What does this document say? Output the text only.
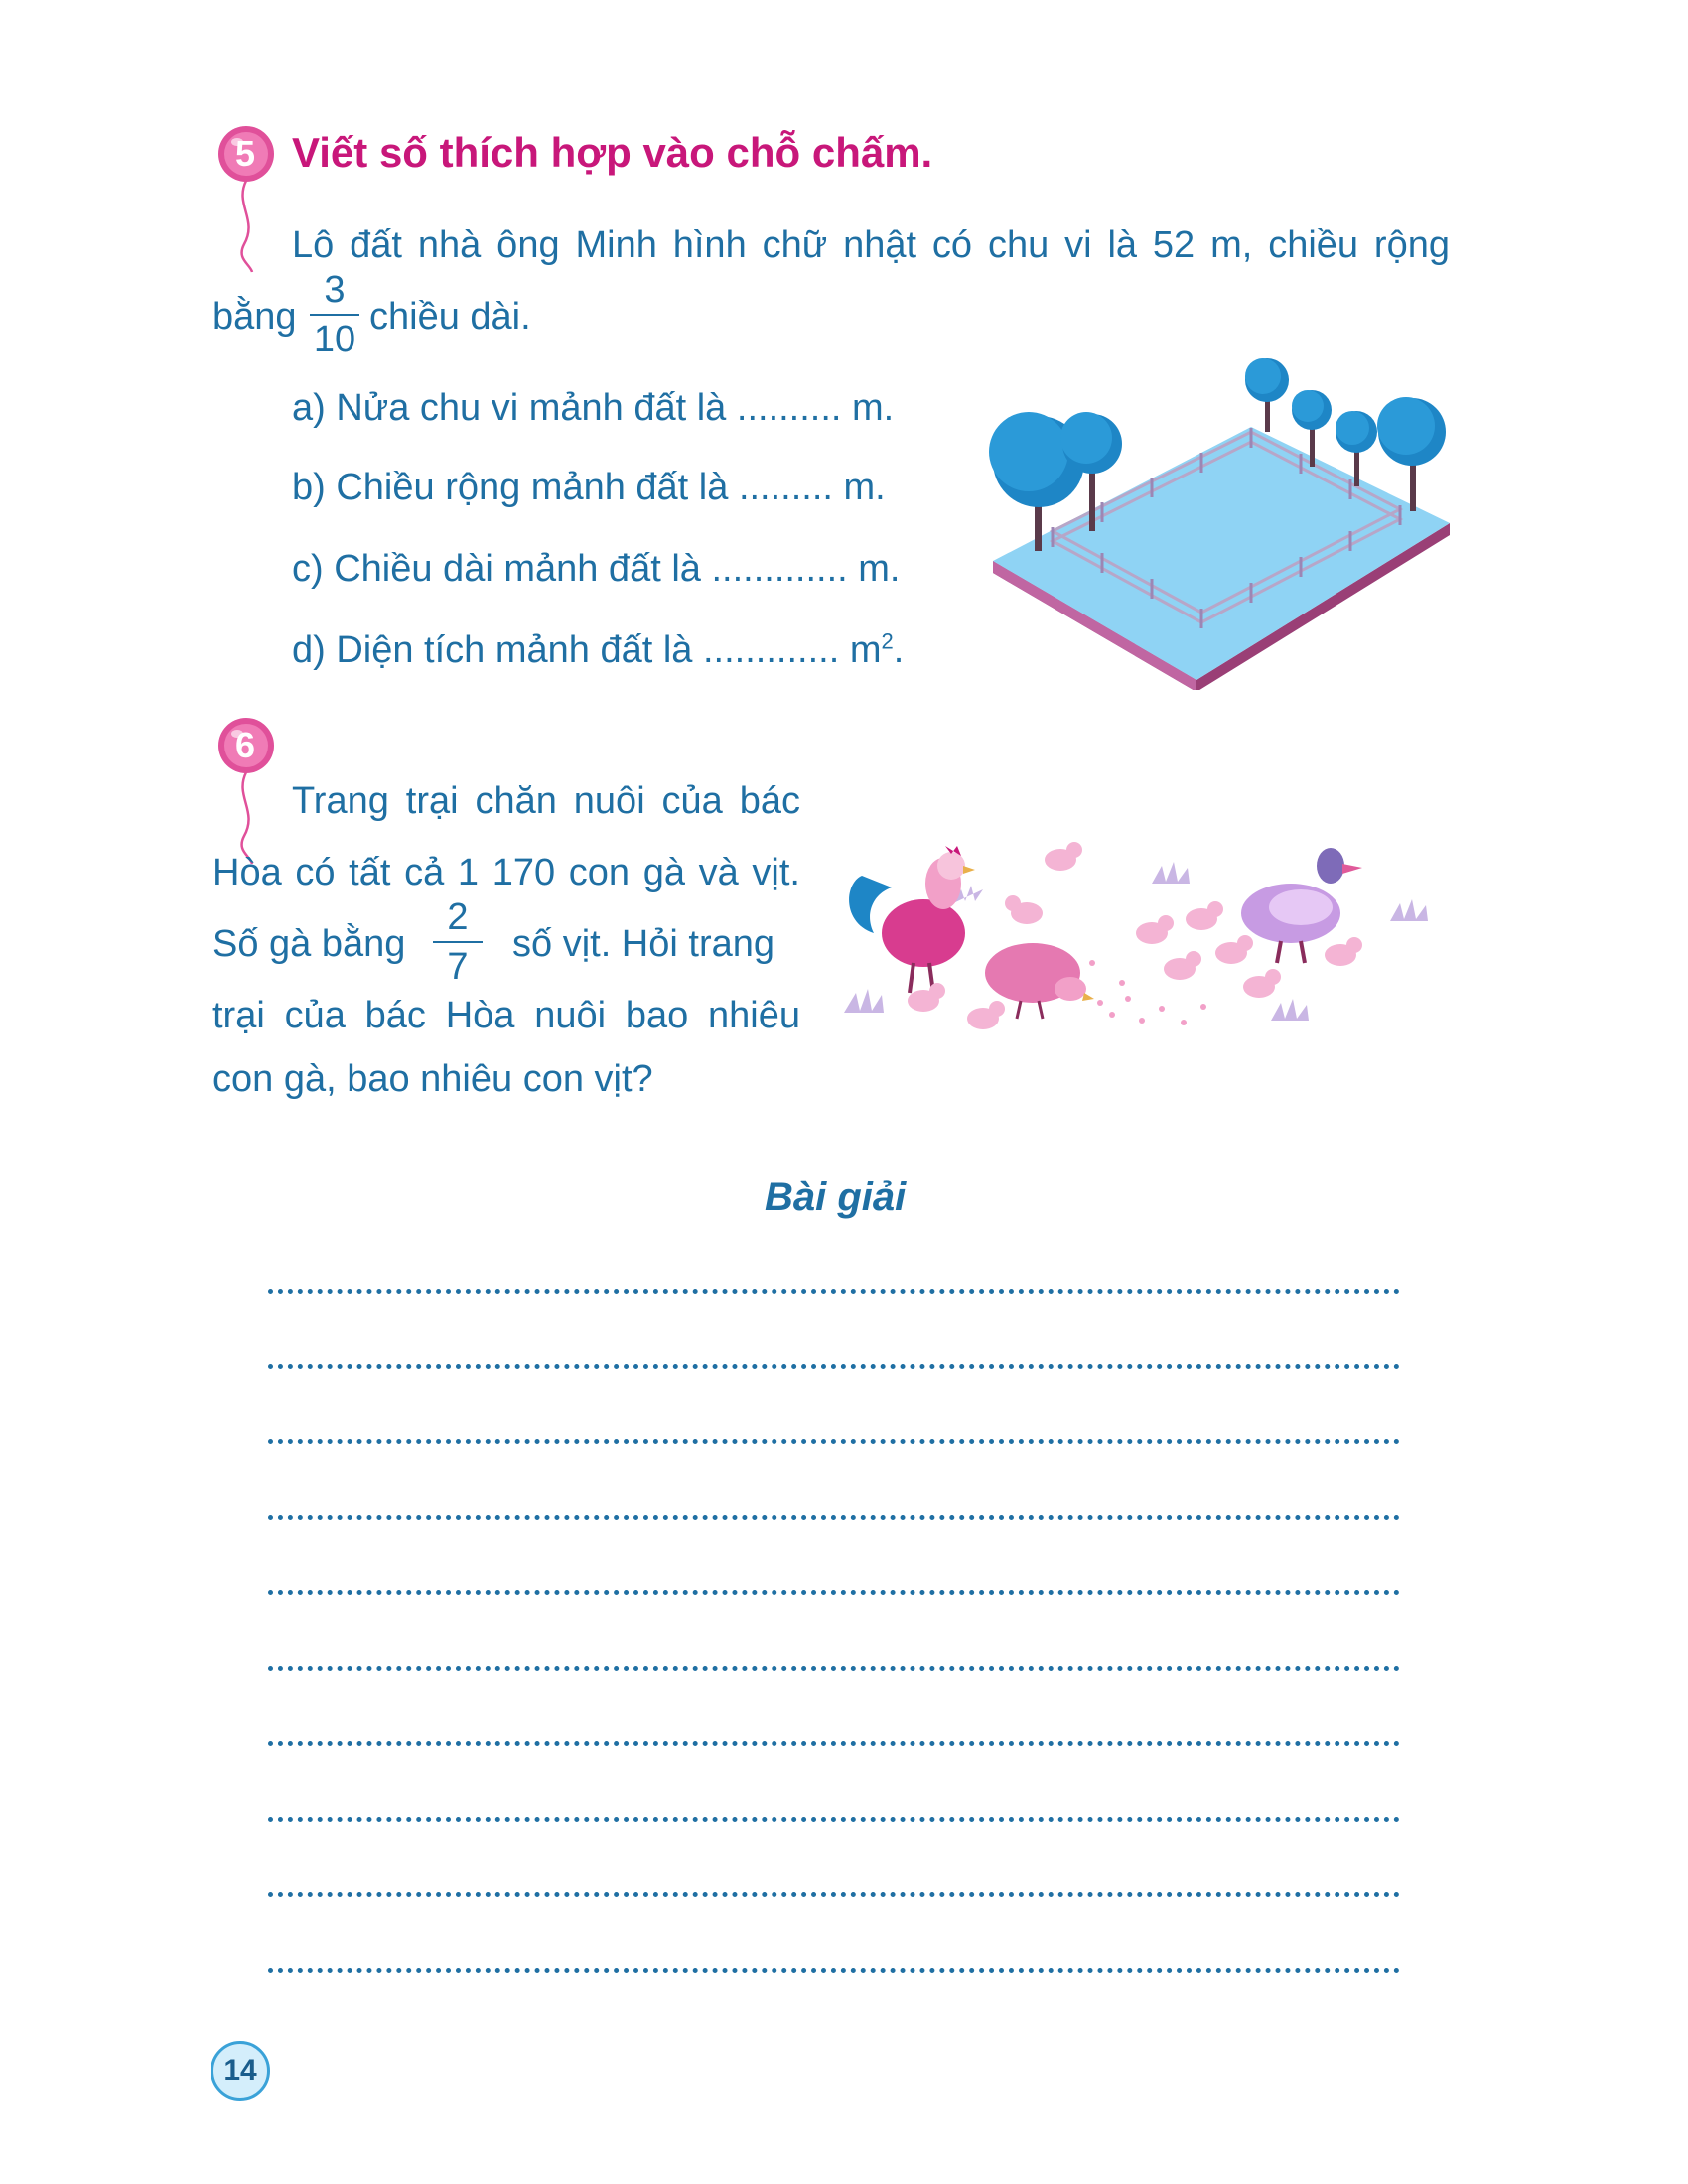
5 Viết số thích hợp vào chỗ chấm.
Lô đất nhà ông Minh hình chữ nhật có chu vi là 52 m, chiều rộng
bằng
3
10
chiều dài.
a) Nửa chu vi mảnh đất là .......... m.
b) Chiều rộng mảnh đất là ......... m.
c) Chiều dài mảnh đất là ............. m.
d) Diện tích mảnh đất là ............. $m^2$.
6
Trang trại chăn nuôi của bác
Hòa có tất cả 1 170 con gà và vịt.
Số gà bằng
2
7
số vịt. Hỏi trang
trại của bác Hòa nuôi bao nhiêu
con gà, bao nhiêu con vịt?
Bài giải
14
